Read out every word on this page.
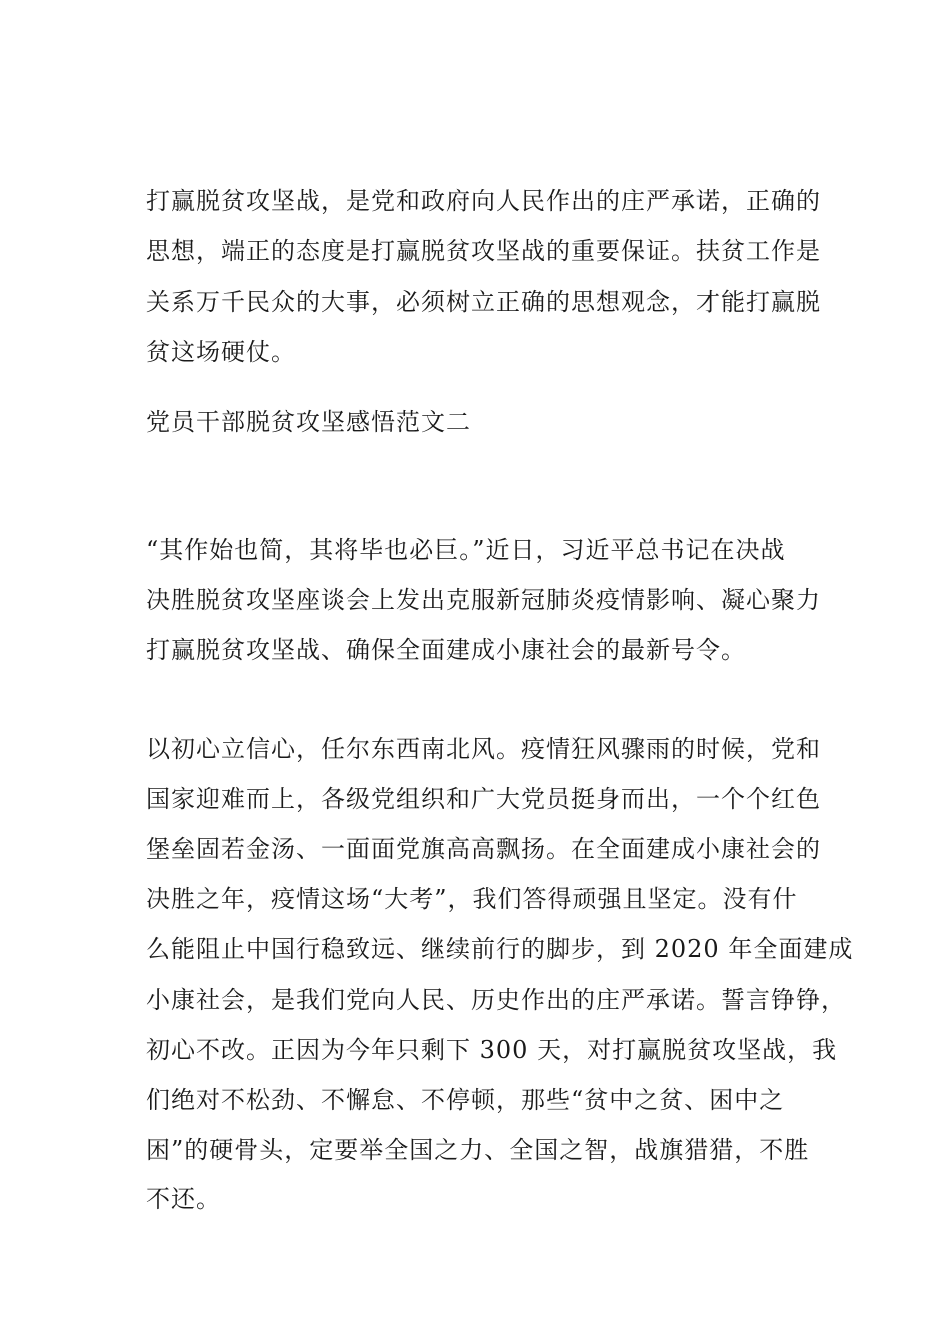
打赢脱贫攻坚战，是党和政府向人民作出的庄严承诺，正确的
思想，端正的态度是打赢脱贫攻坚战的重要保证。扶贫工作是
关系万千民众的大事，必须树立正确的思想观念，才能打赢脱
贫这场硬仗。
党员干部脱贫攻坚感悟范文二
“其作始也简，其将毕也必巨。”近日，习近平总书记在决战
决胜脱贫攻坚座谈会上发出克服新冠肺炎疫情影响、凝心聚力
打赢脱贫攻坚战、确保全面建成小康社会的最新号令。
以初心立信心，任尔东西南北风。疫情狂风骤雨的时候，党和
国家迎难而上，各级党组织和广大党员挺身而出，一个个红色
堡垒固若金汤、一面面党旗高高飘扬。在全面建成小康社会的
决胜之年，疫情这场“大考”，我们答得顽强且坚定。没有什
么能阻止中国行稳致远、继续前行的脚步，到 2020 年全面建成
小康社会，是我们党向人民、历史作出的庄严承诺。誓言铮铮，
初心不改。正因为今年只剩下 300 天，对打赢脱贫攻坚战，我
们绝对不松劲、不懈怠、不停顿，那些“贫中之贫、困中之
困”的硬骨头，定要举全国之力、全国之智，战旗猎猎，不胜
不还。
